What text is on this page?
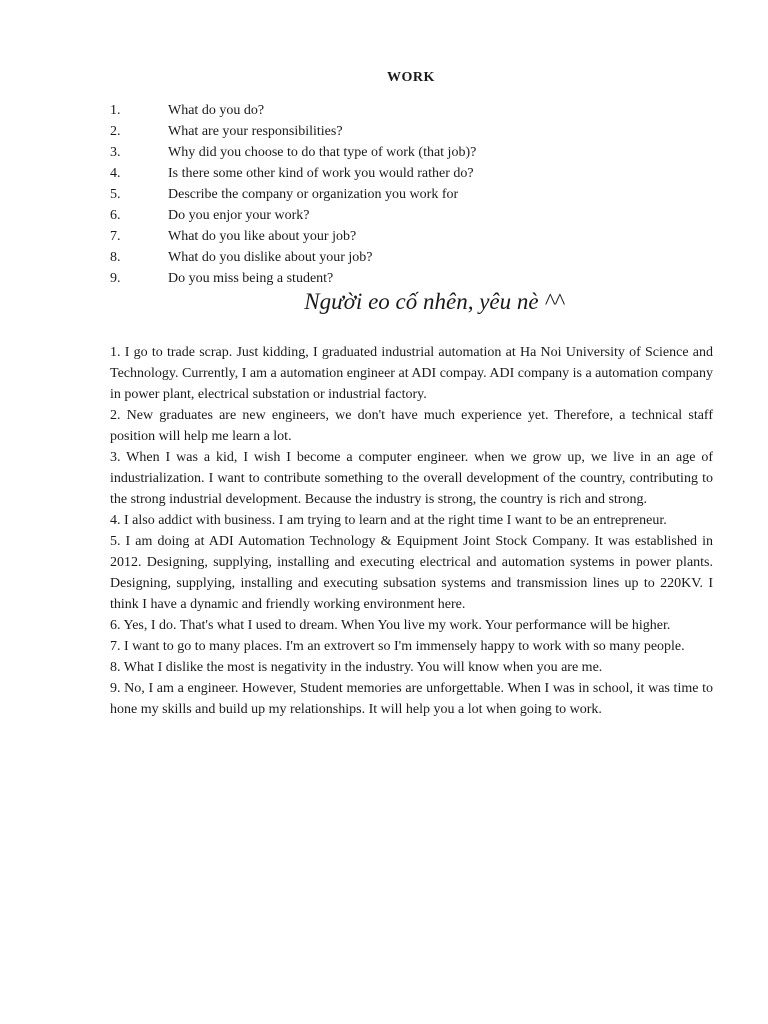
WORK
1.	What do you do?
2.	What are your responsibilities?
3.	Why did you choose to do that type of work (that job)?
4.	Is there some other kind of work you would rather do?
5.	Describe the company or organization you work for
6.	Do you enjor your work?
7.	What do you like about your job?
8.	What do you dislike about your job?
9.	Do you miss being a student?
Người eo cố nhên, yêu nè ^^

1. I go to trade scrap. Just kidding, I graduated industrial automation at Ha Noi University of Science and Technology. Currently, I am a automation engineer at ADI compay. ADI company is a automation company in power plant, electrical substation or industrial factory.

2. New graduates are new engineers, we don't have much experience yet. Therefore, a technical staff position will help me learn a lot.

3. When I was a kid, I wish I become a computer engineer. when we grow up, we live in an age of industrialization. I want to contribute something to the overall development of the country, contributing to the strong industrial development. Because the industry is strong, the country is rich and strong.

4. I also addict with business. I am trying to learn and at the right time I want to be an entrepreneur.

5. I am doing at ADI Automation Technology & Equipment Joint Stock Company. It was established in 2012. Designing, supplying, installing and executing electrical and automation systems in power plants. Designing, supplying, installing and executing subsation systems and transmission lines up to 220KV. I think I have a dynamic and friendly working environment here.

6. Yes, I do. That's what I used to dream. When You live my work. Your performance will be higher.

7. I want to go to many places. I'm an extrovert so I'm immensely happy to work with so many people.

8. What I dislike the most is negativity in the industry. You will know when you are me.

9. No, I am a engineer. However, Student memories are unforgettable. When I was in school, it was time to hone my skills and build up my relationships. It will help you a lot when going to work.
